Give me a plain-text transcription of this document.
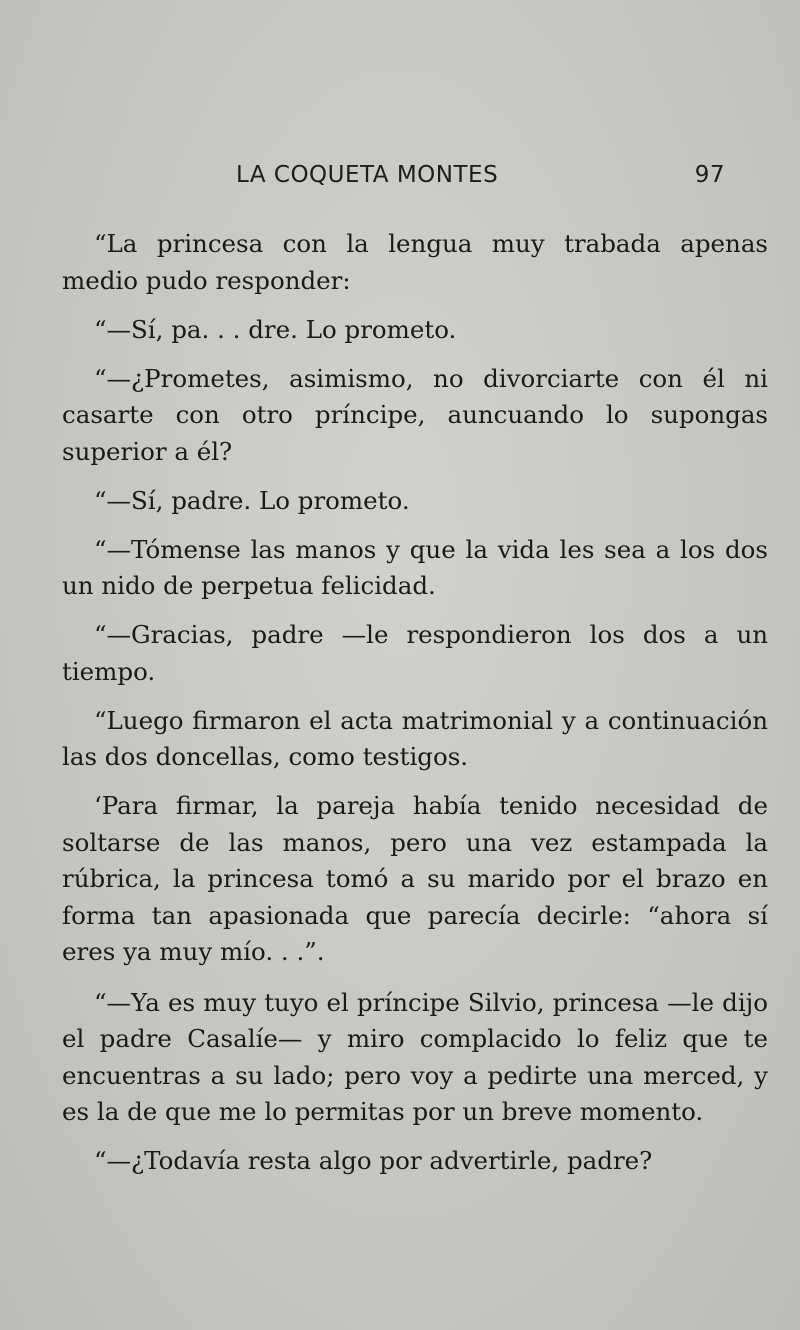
LA COQUETA MONTES	97

“La princesa con la lengua muy trabada apenas medio pudo responder:

“—Sí, pa. . . dre. Lo prometo.

“—¿Prometes, asimismo, no divorciarte con él ni casarte con otro príncipe, auncuando lo supongas superior a él?

“—Sí, padre. Lo prometo.

“—Tómense las manos y que la vida les sea a los dos un nido de perpetua felicidad.

“—Gracias, padre —le respondieron los dos a un tiempo.

“Luego firmaron el acta matrimonial y a continuación las dos doncellas, como testigos.

‘Para firmar, la pareja había tenido necesidad de soltarse de las manos, pero una vez estampada la rúbrica, la princesa tomó a su marido por el brazo en forma tan apasionada que parecía decirle: “ahora sí eres ya muy mío. . .”.

“—Ya es muy tuyo el príncipe Silvio, princesa —le dijo el padre Casalíe— y miro complacido lo feliz que te encuentras a su lado; pero voy a pedirte una merced, y es la de que me lo permitas por un breve momento.

“—¿Todavía resta algo por advertirle, padre?
